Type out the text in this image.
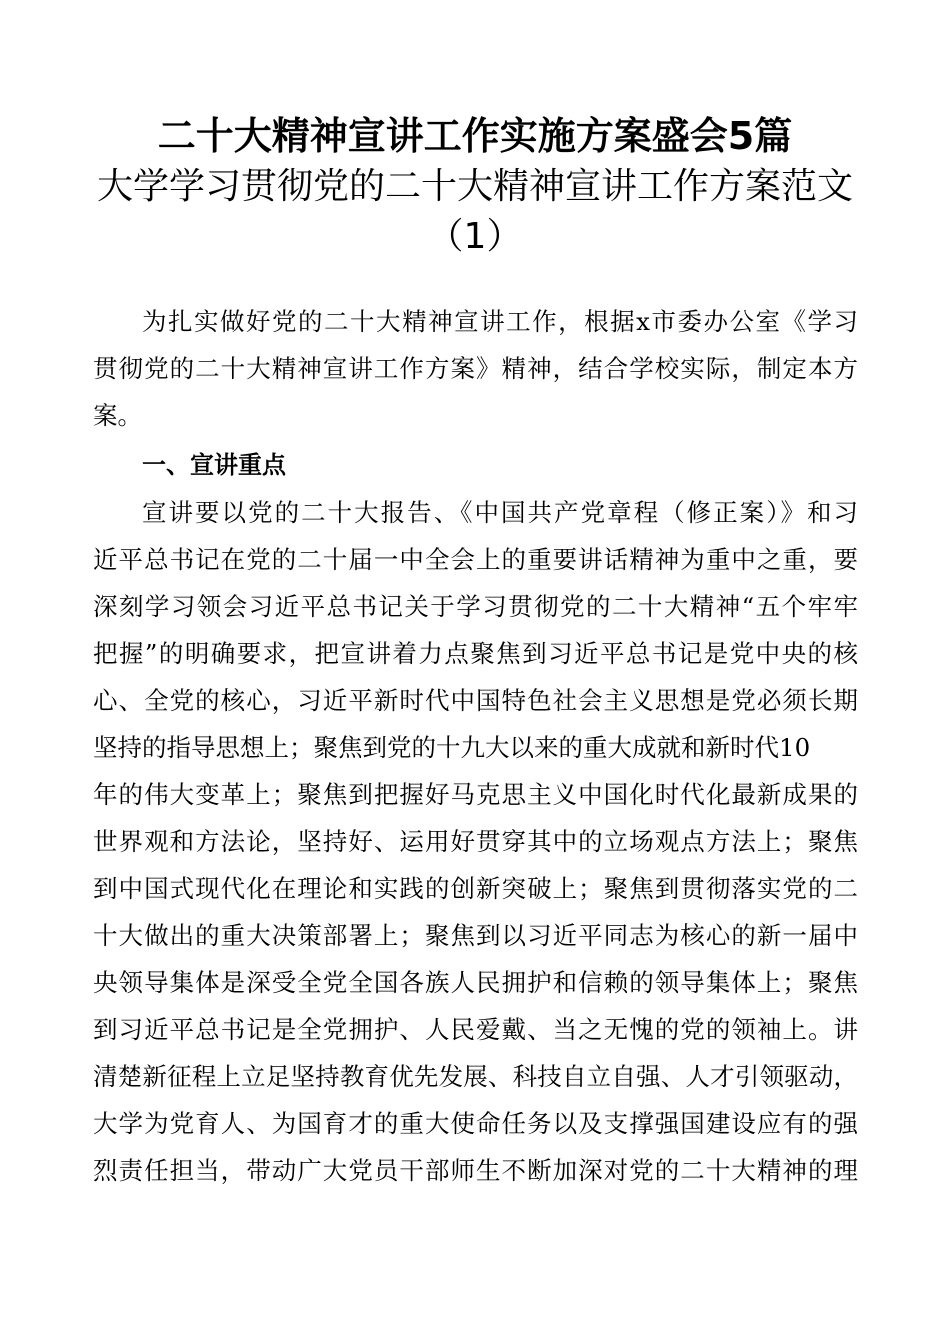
二十大精神宣讲工作实施方案盛会5篇
大学学习贯彻党的二十大精神宣讲工作方案范文
（1）
为扎实做好党的二十大精神宣讲工作，根据x市委办公室《学习
贯彻党的二十大精神宣讲工作方案》精神，结合学校实际，制定本方
案。
一、宣讲重点
宣讲要以党的二十大报告、《中国共产党章程（修正案）》和习
近平总书记在党的二十届一中全会上的重要讲话精神为重中之重，要
深刻学习领会习近平总书记关于学习贯彻党的二十大精神“五个牢牢
把握”的明确要求，把宣讲着力点聚焦到习近平总书记是党中央的核
心、全党的核心，习近平新时代中国特色社会主义思想是党必须长期
坚持的指导思想上；聚焦到党的十九大以来的重大成就和新时代10
年的伟大变革上；聚焦到把握好马克思主义中国化时代化最新成果的
世界观和方法论，坚持好、运用好贯穿其中的立场观点方法上；聚焦
到中国式现代化在理论和实践的创新突破上；聚焦到贯彻落实党的二
十大做出的重大决策部署上；聚焦到以习近平同志为核心的新一届中
央领导集体是深受全党全国各族人民拥护和信赖的领导集体上；聚焦
到习近平总书记是全党拥护、人民爱戴、当之无愧的党的领袖上。讲
清楚新征程上立足坚持教育优先发展、科技自立自强、人才引领驱动，
大学为党育人、为国育才的重大使命任务以及支撑强国建设应有的强
烈责任担当，带动广大党员干部师生不断加深对党的二十大精神的理
